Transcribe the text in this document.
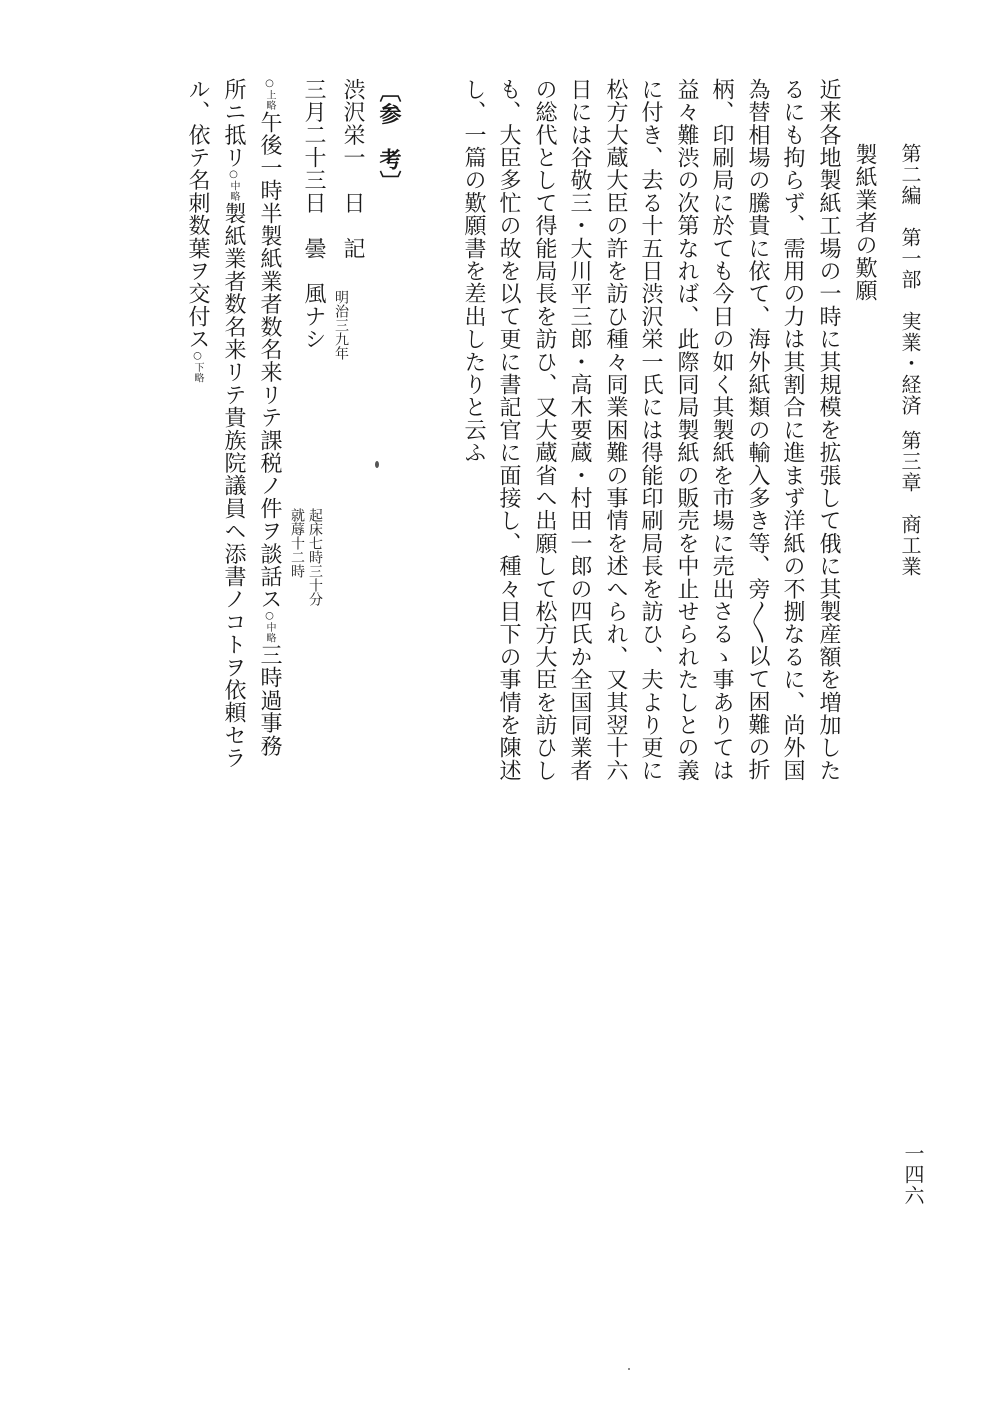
第二編　第一部　実業・経済
第三章　商工業
製紙業者の歎願
近来各地製紙工場の一時に其規模を拡張して俄に其製産額を増加した
るにも拘らず、需用の力は其割合に進まず洋紙の不捌なるに、尚外国
為替相場の騰貴に依て、海外紙類の輸入多き等、旁〳〵以て困難の折
柄、印刷局に於ても今日の如く其製紙を市場に売出さるゝ事ありては
益々難渋の次第なれば、此際同局製紙の販売を中止せられたしとの義
に付き、去る十五日渋沢栄一氏には得能印刷局長を訪ひ、夫より更に
松方大蔵大臣の許を訪ひ種々同業困難の事情を述へられ、又其翌十六
日には谷敬三・大川平三郎・高木要蔵・村田一郎の四氏か全国同業者
の総代として得能局長を訪ひ、又大蔵省へ出願して松方大臣を訪ひし
も、大臣多忙の故を以て更に書記官に面接し、種々目下の事情を陳述
し、一篇の歎願書を差出したりと云ふ
〔参　考〕
渋沢栄一　日　記
明治三九年
三月二十三日　曇　風ナシ
起床七時三十分
就蓐十二時
○上略午後一時半製紙業者数名来リテ課税ノ件ヲ談話ス○中略三時過事務
所ニ抵リ○中略製紙業者数名来リテ貴族院議員ヘ添書ノコトヲ依頼セラ
ル、依テ名刺数葉ヲ交付ス○下略
一四六
